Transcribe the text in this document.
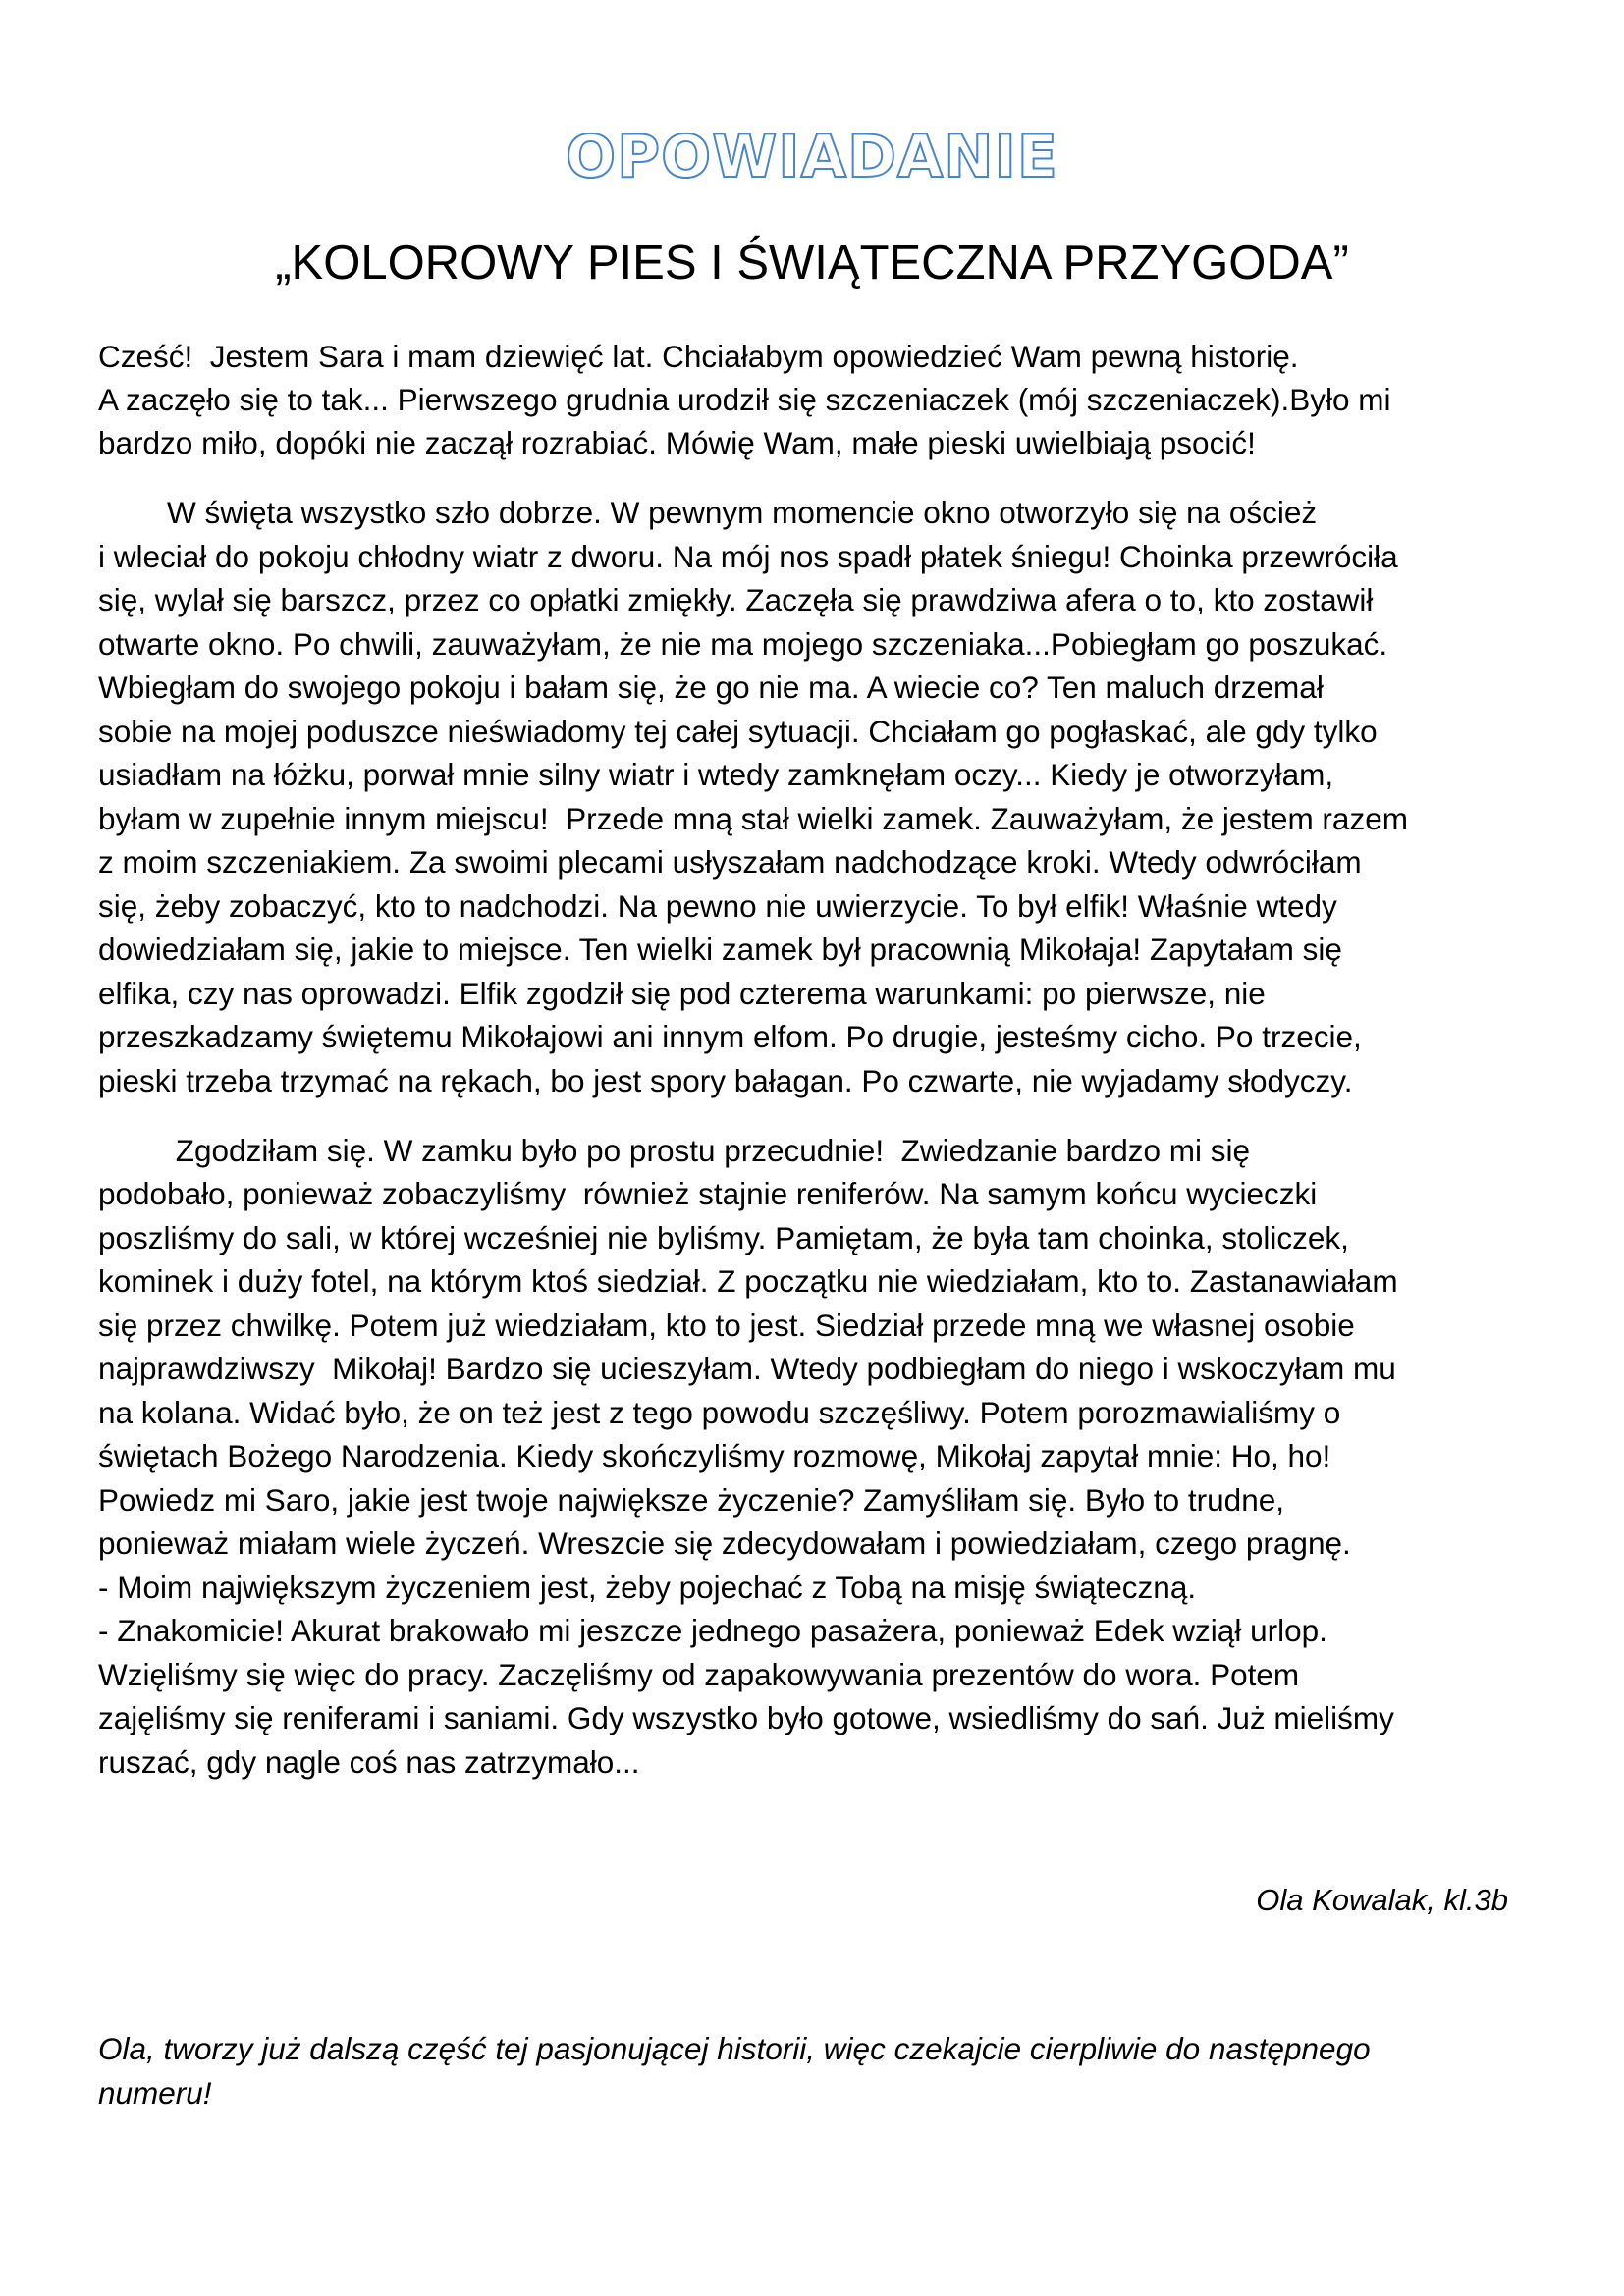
OPOWIADANIE
„KOLOROWY PIES I ŚWIĄTECZNA PRZYGODA”
Cześć!  Jestem Sara i mam dziewięć lat. Chciałabym opowiedzieć Wam pewną historię.
A zaczęło się to tak... Pierwszego grudnia urodził się szczeniaczek (mój szczeniaczek).Było mi
bardzo miło, dopóki nie zaczął rozrabiać. Mówię Wam, małe pieski uwielbiają psocić!
W święta wszystko szło dobrze. W pewnym momencie okno otworzyło się na oścież
i wleciał do pokoju chłodny wiatr z dworu. Na mój nos spadł płatek śniegu! Choinka przewróciła
się, wylał się barszcz, przez co opłatki zmiękły. Zaczęła się prawdziwa afera o to, kto zostawił
otwarte okno. Po chwili, zauważyłam, że nie ma mojego szczeniaka...Pobiegłam go poszukać.
Wbiegłam do swojego pokoju i bałam się, że go nie ma. A wiecie co? Ten maluch drzemał
sobie na mojej poduszce nieświadomy tej całej sytuacji. Chciałam go pogłaskać, ale gdy tylko
usiadłam na łóżku, porwał mnie silny wiatr i wtedy zamknęłam oczy... Kiedy je otworzyłam,
byłam w zupełnie innym miejscu!  Przede mną stał wielki zamek. Zauważyłam, że jestem razem
z moim szczeniakiem. Za swoimi plecami usłyszałam nadchodzące kroki. Wtedy odwróciłam
się, żeby zobaczyć, kto to nadchodzi. Na pewno nie uwierzycie. To był elfik! Właśnie wtedy
dowiedziałam się, jakie to miejsce. Ten wielki zamek był pracownią Mikołaja! Zapytałam się
elfika, czy nas oprowadzi. Elfik zgodził się pod czterema warunkami: po pierwsze, nie
przeszkadzamy świętemu Mikołajowi ani innym elfom. Po drugie, jesteśmy cicho. Po trzecie,
pieski trzeba trzymać na rękach, bo jest spory bałagan. Po czwarte, nie wyjadamy słodyczy.
Zgodziłam się. W zamku było po prostu przecudnie!  Zwiedzanie bardzo mi się
podobało, ponieważ zobaczyliśmy  również stajnie reniferów. Na samym końcu wycieczki
poszliśmy do sali, w której wcześniej nie byliśmy. Pamiętam, że była tam choinka, stoliczek,
kominek i duży fotel, na którym ktoś siedział. Z początku nie wiedziałam, kto to. Zastanawiałam
się przez chwilkę. Potem już wiedziałam, kto to jest. Siedział przede mną we własnej osobie
najprawdziwszy  Mikołaj! Bardzo się ucieszyłam. Wtedy podbiegłam do niego i wskoczyłam mu
na kolana. Widać było, że on też jest z tego powodu szczęśliwy. Potem porozmawialiśmy o
świętach Bożego Narodzenia. Kiedy skończyliśmy rozmowę, Mikołaj zapytał mnie: Ho, ho!
Powiedz mi Saro, jakie jest twoje największe życzenie? Zamyśliłam się. Było to trudne,
ponieważ miałam wiele życzeń. Wreszcie się zdecydowałam i powiedziałam, czego pragnę.
- Moim największym życzeniem jest, żeby pojechać z Tobą na misję świąteczną.
- Znakomicie! Akurat brakowało mi jeszcze jednego pasażera, ponieważ Edek wziął urlop.
Wzięliśmy się więc do pracy. Zaczęliśmy od zapakowywania prezentów do wora. Potem
zajęliśmy się reniferami i saniami. Gdy wszystko było gotowe, wsiedliśmy do sań. Już mieliśmy
ruszać, gdy nagle coś nas zatrzymało...
Ola Kowalak, kl.3b
Ola, tworzy już dalszą część tej pasjonującej historii, więc czekajcie cierpliwie do następnego
numeru!
